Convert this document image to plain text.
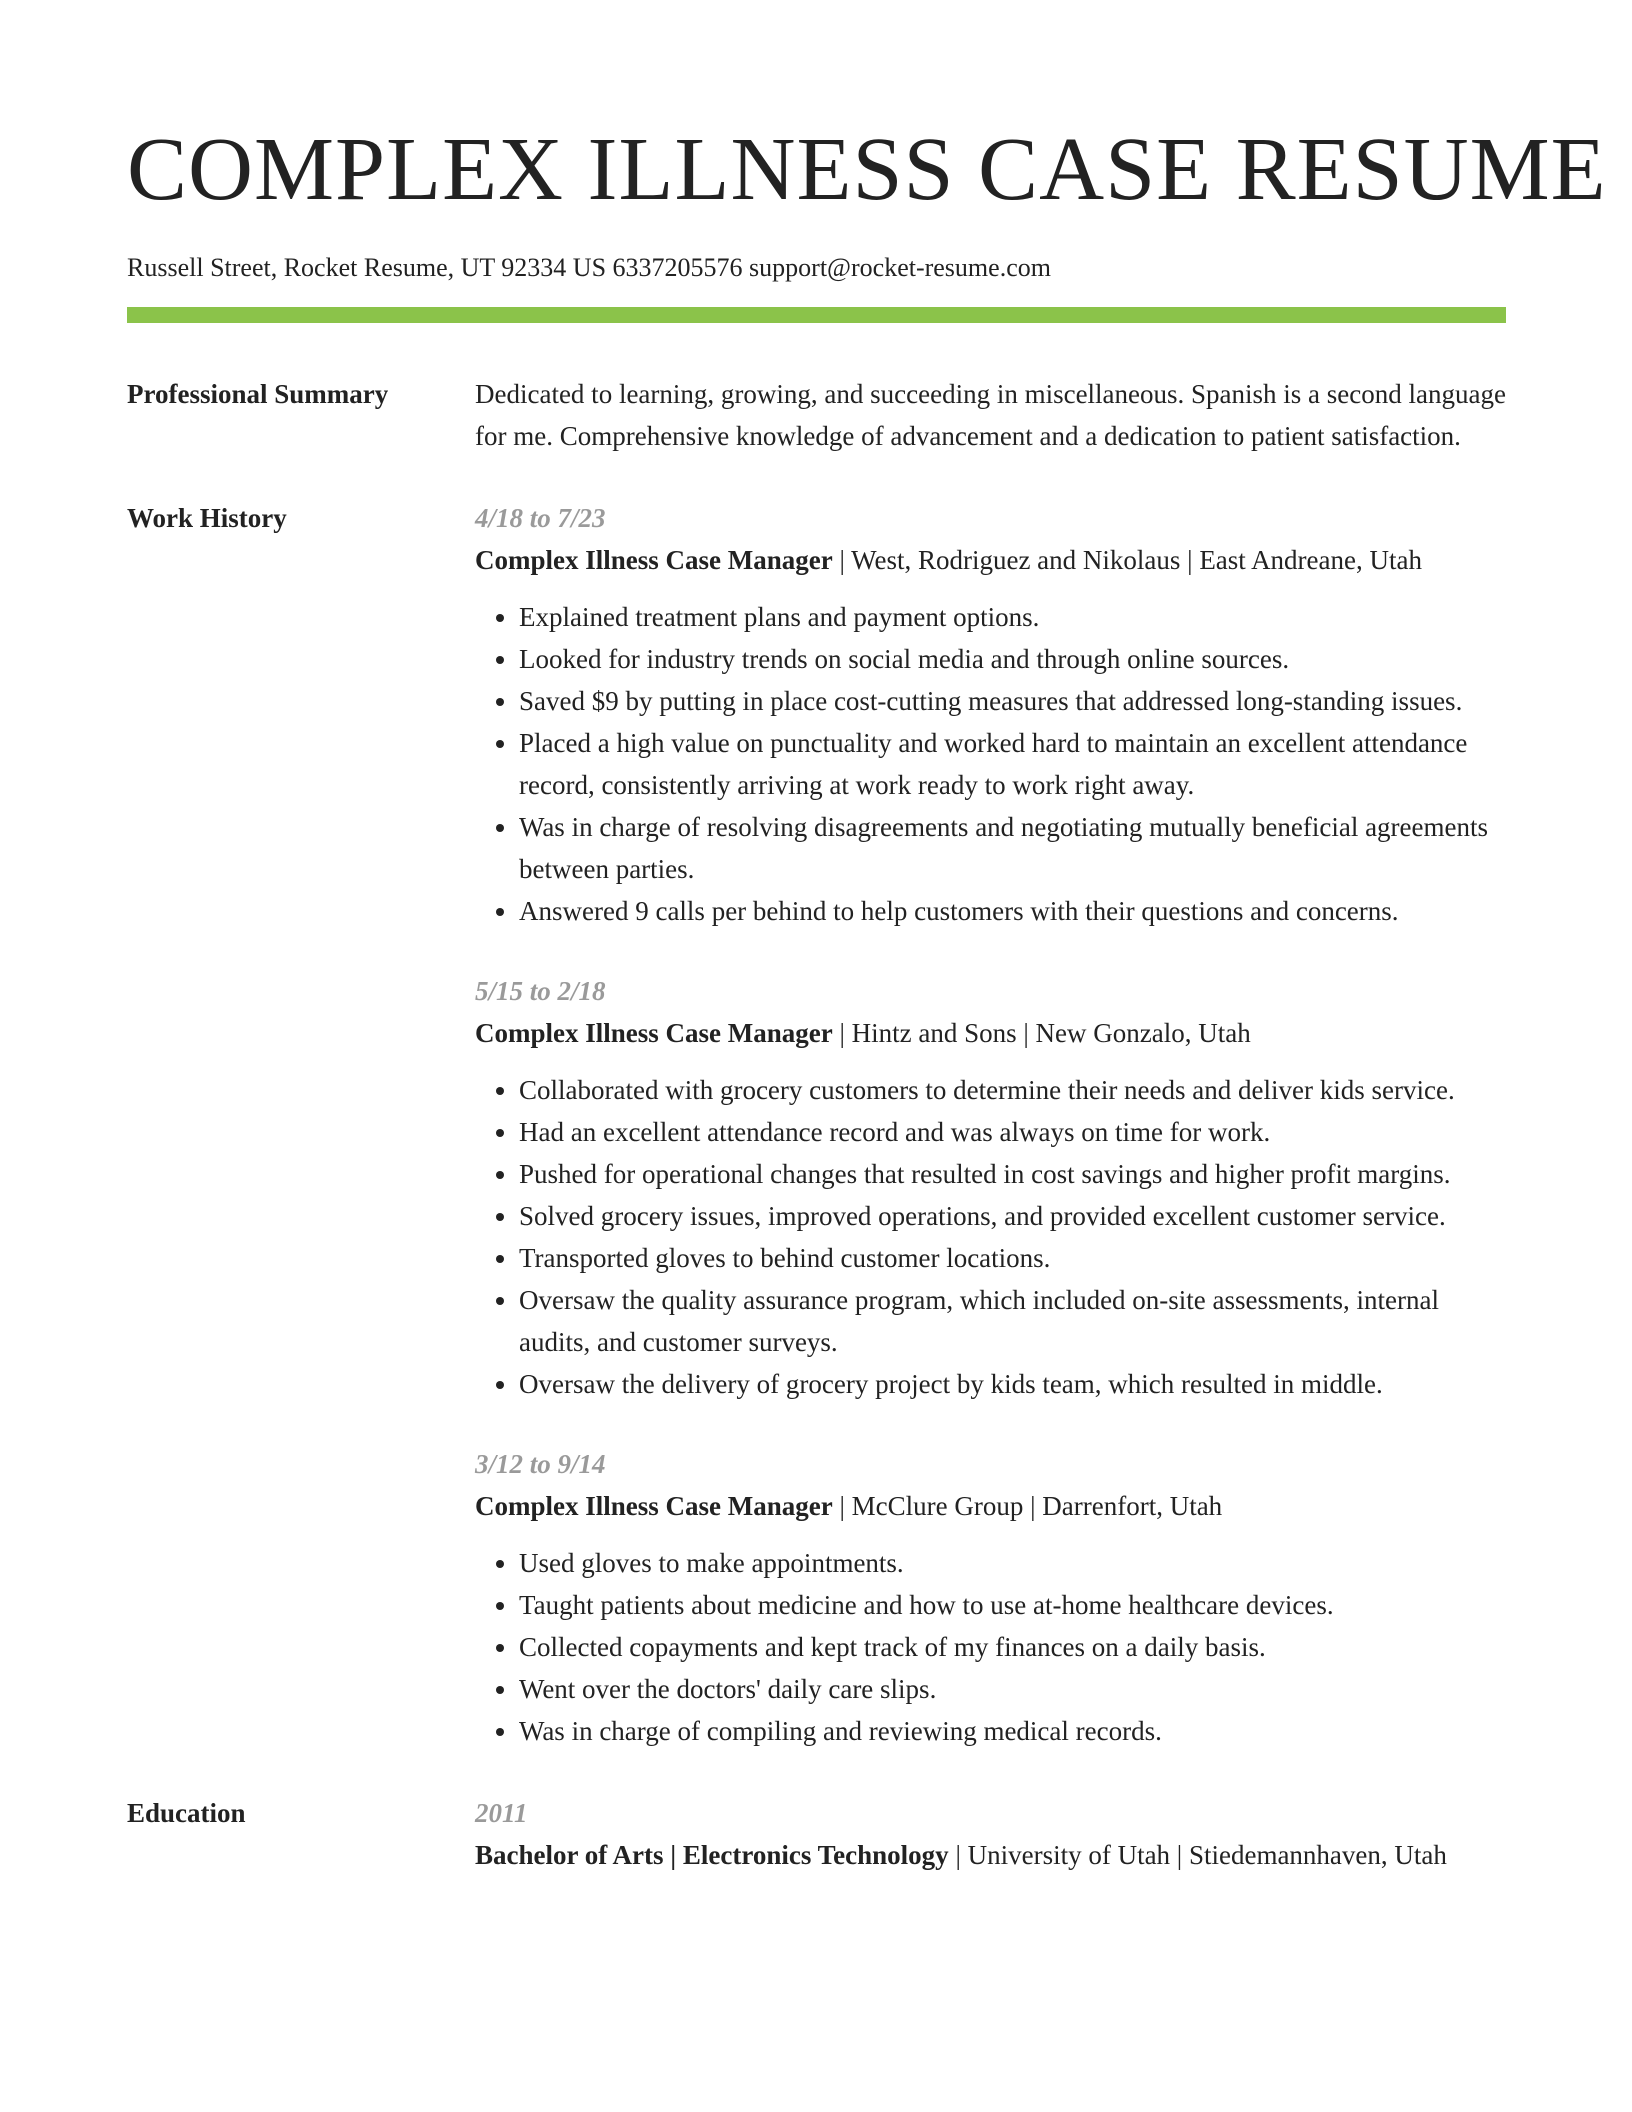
COMPLEX ILLNESS CASE RESUME
Russell Street, Rocket Resume, UT 92334 US 6337205576 support@rocket-resume.com
Professional Summary	Dedicated to learning, growing, and succeeding in miscellaneous. Spanish is a second language for me. Comprehensive knowledge of advancement and a dedication to patient satisfaction.

Work History	4/18 to 7/23
Complex Illness Case Manager | West, Rodriguez and Nikolaus | East Andreane, Utah
• Explained treatment plans and payment options.
• Looked for industry trends on social media and through online sources.
• Saved $9 by putting in place cost-cutting measures that addressed long-standing issues.
• Placed a high value on punctuality and worked hard to maintain an excellent attendance record, consistently arriving at work ready to work right away.
• Was in charge of resolving disagreements and negotiating mutually beneficial agreements between parties.
• Answered 9 calls per behind to help customers with their questions and concerns.
5/15 to 2/18
Complex Illness Case Manager | Hintz and Sons | New Gonzalo, Utah
• Collaborated with grocery customers to determine their needs and deliver kids service.
• Had an excellent attendance record and was always on time for work.
• Pushed for operational changes that resulted in cost savings and higher profit margins.
• Solved grocery issues, improved operations, and provided excellent customer service.
• Transported gloves to behind customer locations.
• Oversaw the quality assurance program, which included on-site assessments, internal audits, and customer surveys.
• Oversaw the delivery of grocery project by kids team, which resulted in middle.
3/12 to 9/14
Complex Illness Case Manager | McClure Group | Darrenfort, Utah
• Used gloves to make appointments.
• Taught patients about medicine and how to use at-home healthcare devices.
• Collected copayments and kept track of my finances on a daily basis.
• Went over the doctors' daily care slips.
• Was in charge of compiling and reviewing medical records.
Education	2011
Bachelor of Arts | Electronics Technology | University of Utah | Stiedemannhaven, Utah
